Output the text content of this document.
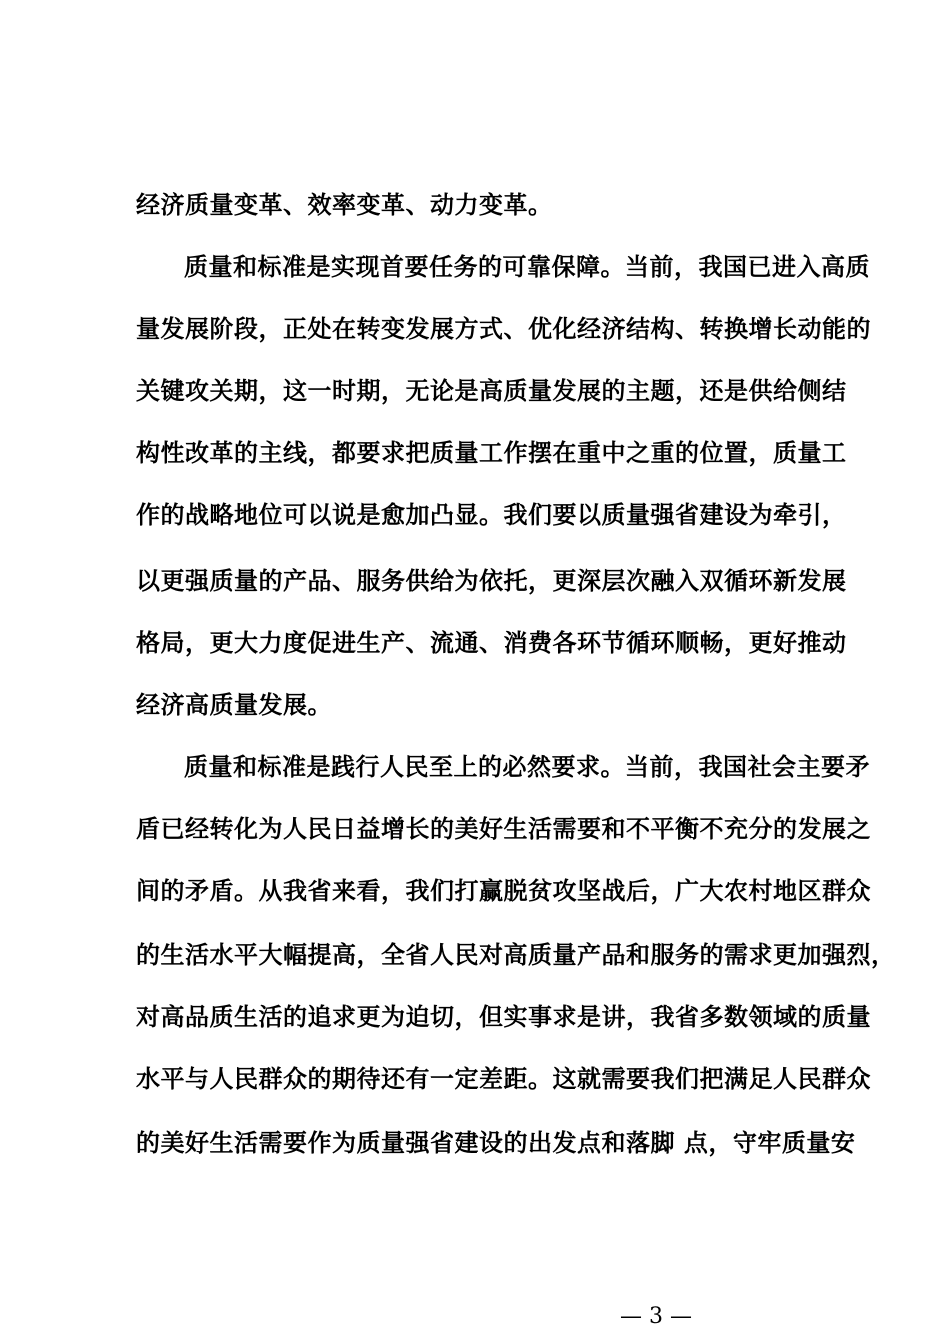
经济质量变革、效率变革、动力变革。
质量和标准是实现首要任务的可靠保障。当前，我国已进入高质
量发展阶段，正处在转变发展方式、优化经济结构、转换增长动能的
关键攻关期，这一时期，无论是高质量发展的主题，还是供给侧结
构性改革的主线，都要求把质量工作摆在重中之重的位置，质量工
作的战略地位可以说是愈加凸显。我们要以质量强省建设为牵引，
以更强质量的产品、服务供给为依托，更深层次融入双循环新发展
格局，更大力度促进生产、流通、消费各环节循环顺畅，更好推动
经济高质量发展。
质量和标准是践行人民至上的必然要求。当前，我国社会主要矛
盾已经转化为人民日益增长的美好生活需要和不平衡不充分的发展之
间的矛盾。从我省来看，我们打赢脱贫攻坚战后，广大农村地区群众
的生活水平大幅提高，全省人民对高质量产品和服务的需求更加强烈，
对高品质生活的追求更为迫切，但实事求是讲，我省多数领域的质量
水平与人民群众的期待还有一定差距。这就需要我们把满足人民群众
的美好生活需要作为质量强省建设的出发点和落脚 点，守牢质量安
— 3 —
